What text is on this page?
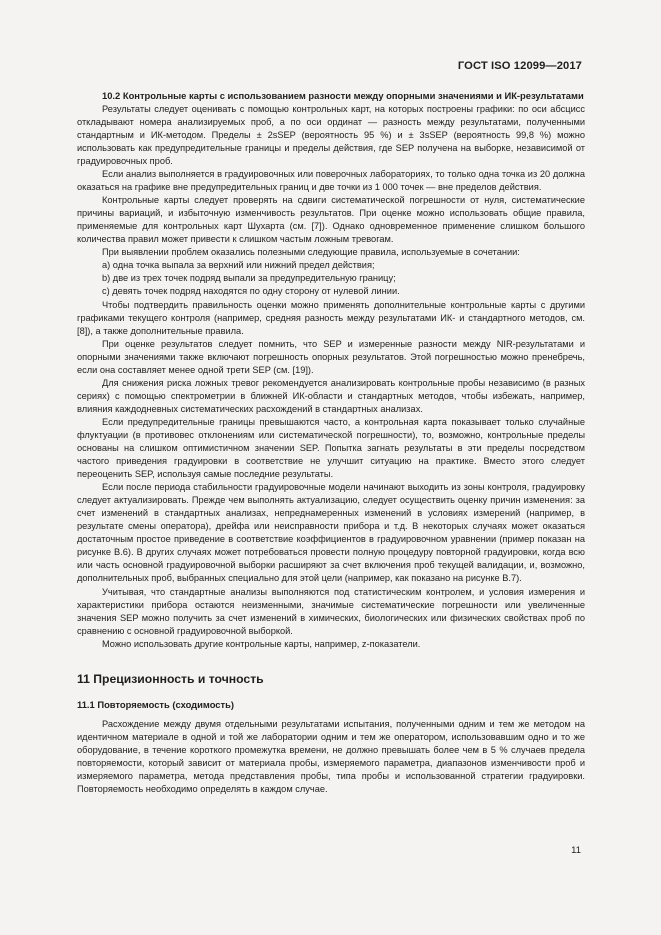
ГОСТ ISO 12099—2017

10.2 Контрольные карты с использованием разности между опорными значениями и ИК-результатами

Результаты следует оценивать с помощью контрольных карт, на которых построены графики: по оси абсцисс откладывают номера анализируемых проб, а по оси ординат — разность между результатами, полученными стандартным и ИК-методом. Пределы ± 2sSEP (вероятность 95 %) и ± 3sSEP (вероятность 99,8 %) можно использовать как предупредительные границы и пределы действия, где SEP получена на выборке, независимой от градуировочных проб.

Если анализ выполняется в градуировочных или поверочных лабораториях, то только одна точка из 20 должна оказаться на графике вне предупредительных границ и две точки из 1 000 точек — вне пределов действия.

Контрольные карты следует проверять на сдвиги систематической погрешности от нуля, систематические причины вариаций, и избыточную изменчивость результатов. При оценке можно использовать общие правила, применяемые для контрольных карт Шухарта (см. [7]). Однако одновременное применение слишком большого количества правил может привести к слишком частым ложным тревогам.

При выявлении проблем оказались полезными следующие правила, используемые в сочетании:

a) одна точка выпала за верхний или нижний предел действия;

b) две из трех точек подряд выпали за предупредительную границу;

c) девять точек подряд находятся по одну сторону от нулевой линии.

Чтобы подтвердить правильность оценки можно применять дополнительные контрольные карты с другими графиками текущего контроля (например, средняя разность между результатами ИК- и стандартного методов, см. [8]), а также дополнительные правила.

При оценке результатов следует помнить, что SEP и измеренные разности между NIR-результатами и опорными значениями также включают погрешность опорных результатов. Этой погрешностью можно пренебречь, если она составляет менее одной трети SEP (см. [19]).

Для снижения риска ложных тревог рекомендуется анализировать контрольные пробы независимо (в разных сериях) с помощью спектрометрии в ближней ИК-области и стандартных методов, чтобы избежать, например, влияния каждодневных систематических расхождений в стандартных анализах.

Если предупредительные границы превышаются часто, а контрольная карта показывает только случайные флуктуации (в противовес отклонениям или систематической погрешности), то, возможно, контрольные пределы основаны на слишком оптимистичном значении SEP. Попытка загнать результаты в эти пределы посредством частого приведения градуировки в соответствие не улучшит ситуацию на практике. Вместо этого следует переоценить SEP, используя самые последние результаты.

Если после периода стабильности градуировочные модели начинают выходить из зоны контроля, градуировку следует актуализировать. Прежде чем выполнять актуализацию, следует осуществить оценку причин изменения: за счет изменений в стандартных анализах, непреднамеренных изменений в условиях измерений (например, в результате смены оператора), дрейфа или неисправности прибора и т.д. В некоторых случаях может оказаться достаточным простое приведение в соответствие коэффициентов в градуировочном уравнении (пример показан на рисунке В.6). В других случаях может потребоваться провести полную процедуру повторной градуировки, когда всю или часть основной градуировочной выборки расширяют за счет включения проб текущей валидации, и, возможно, дополнительных проб, выбранных специально для этой цели (например, как показано на рисунке В.7).

Учитывая, что стандартные анализы выполняются под статистическим контролем, и условия измерения и характеристики прибора остаются неизменными, значимые систематические погрешности или увеличенные значения SEP можно получить за счет изменений в химических, биологических или физических свойствах проб по сравнению с основной градуировочной выборкой.

Можно использовать другие контрольные карты, например, z-показатели.

11 Прецизионность и точность
11.1 Повторяемость (сходимость)

Расхождение между двумя отдельными результатами испытания, полученными одним и тем же методом на идентичном материале в одной и той же лаборатории одним и тем же оператором, использовавшим одно и то же оборудование, в течение короткого промежутка времени, не должно превышать более чем в 5 % случаев предела повторяемости, который зависит от материала пробы, измеряемого параметра, диапазонов изменчивости проб и измеряемого параметра, метода представления пробы, типа пробы и использованной стратегии градуировки. Повторяемость необходимо определять в каждом случае.

11
